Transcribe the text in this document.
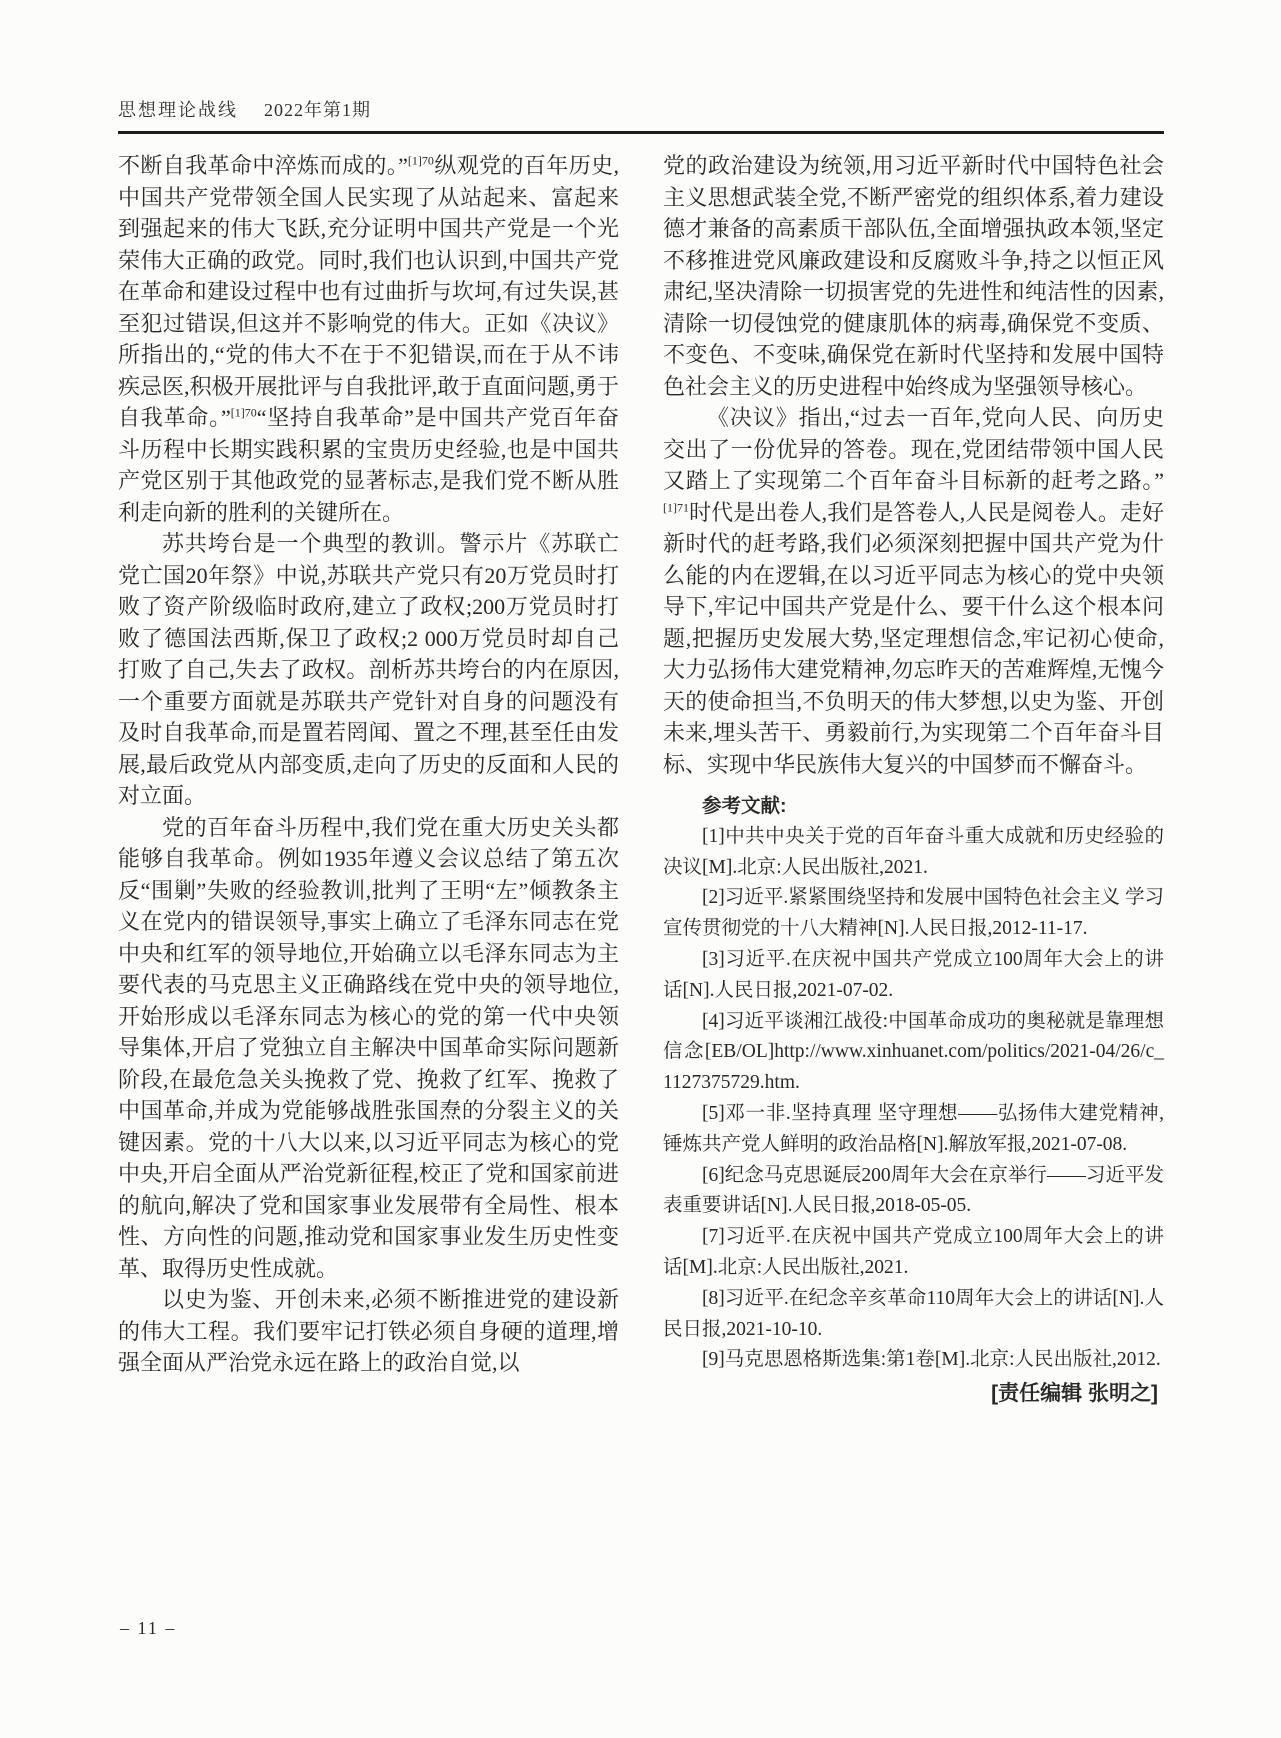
思想理论战线 2022年第1期

不断自我革命中淬炼而成的。”$^{[1]70}$纵观党的百年历史,中国共产党带领全国人民实现了从站起来、富起来到强起来的伟大飞跃,充分证明中国共产党是一个光荣伟大正确的政党。同时,我们也认识到,中国共产党在革命和建设过程中也有过曲折与坎坷,有过失误,甚至犯过错误,但这并不影响党的伟大。正如《决议》所指出的,“党的伟大不在于不犯错误,而在于从不讳疾忌医,积极开展批评与自我批评,敢于直面问题,勇于自我革命。”$^{[1]70}$“坚持自我革命”是中国共产党百年奋斗历程中长期实践积累的宝贵历史经验,也是中国共产党区别于其他政党的显著标志,是我们党不断从胜利走向新的胜利的关键所在。

苏共垮台是一个典型的教训。警示片《苏联亡党亡国20年祭》中说,苏联共产党只有20万党员时打败了资产阶级临时政府,建立了政权;200万党员时打败了德国法西斯,保卫了政权;2 000万党员时却自己打败了自己,失去了政权。剖析苏共垮台的内在原因,一个重要方面就是苏联共产党针对自身的问题没有及时自我革命,而是置若罔闻、置之不理,甚至任由发展,最后政党从内部变质,走向了历史的反面和人民的对立面。

党的百年奋斗历程中,我们党在重大历史关头都能够自我革命。例如1935年遵义会议总结了第五次反“围剿”失败的经验教训,批判了王明“左”倾教条主义在党内的错误领导,事实上确立了毛泽东同志在党中央和红军的领导地位,开始确立以毛泽东同志为主要代表的马克思主义正确路线在党中央的领导地位,开始形成以毛泽东同志为核心的党的第一代中央领导集体,开启了党独立自主解决中国革命实际问题新阶段,在最危急关头挽救了党、挽救了红军、挽救了中国革命,并成为党能够战胜张国焘的分裂主义的关键因素。党的十八大以来,以习近平同志为核心的党中央,开启全面从严治党新征程,校正了党和国家前进的航向,解决了党和国家事业发展带有全局性、根本性、方向性的问题,推动党和国家事业发生历史性变革、取得历史性成就。

以史为鉴、开创未来,必须不断推进党的建设新的伟大工程。我们要牢记打铁必须自身硬的道理,增强全面从严治党永远在路上的政治自觉,以

党的政治建设为统领,用习近平新时代中国特色社会主义思想武装全党,不断严密党的组织体系,着力建设德才兼备的高素质干部队伍,全面增强执政本领,坚定不移推进党风廉政建设和反腐败斗争,持之以恒正风肃纪,坚决清除一切损害党的先进性和纯洁性的因素,清除一切侵蚀党的健康肌体的病毒,确保党不变质、不变色、不变味,确保党在新时代坚持和发展中国特色社会主义的历史进程中始终成为坚强领导核心。

《决议》指出,“过去一百年,党向人民、向历史交出了一份优异的答卷。现在,党团结带领中国人民又踏上了实现第二个百年奋斗目标新的赶考之路。”$^{[1]71}$时代是出卷人,我们是答卷人,人民是阅卷人。走好新时代的赶考路,我们必须深刻把握中国共产党为什么能的内在逻辑,在以习近平同志为核心的党中央领导下,牢记中国共产党是什么、要干什么这个根本问题,把握历史发展大势,坚定理想信念,牢记初心使命,大力弘扬伟大建党精神,勿忘昨天的苦难辉煌,无愧今天的使命担当,不负明天的伟大梦想,以史为鉴、开创未来,埋头苦干、勇毅前行,为实现第二个百年奋斗目标、实现中华民族伟大复兴的中国梦而不懈奋斗。

参考文献:

[1]中共中央关于党的百年奋斗重大成就和历史经验的决议[M].北京:人民出版社,2021.

[2]习近平.紧紧围绕坚持和发展中国特色社会主义 学习宣传贯彻党的十八大精神[N].人民日报,2012-11-17.

[3]习近平.在庆祝中国共产党成立100周年大会上的讲话[N].人民日报,2021-07-02.

[4]习近平谈湘江战役:中国革命成功的奥秘就是靠理想信念[EB/OL]http://www.xinhuanet.com/politics/2021-04/26/c_1127375729.htm.

[5]邓一非.坚持真理 坚守理想——弘扬伟大建党精神,锤炼共产党人鲜明的政治品格[N].解放军报,2021-07-08.

[6]纪念马克思诞辰200周年大会在京举行——习近平发表重要讲话[N].人民日报,2018-05-05.

[7]习近平.在庆祝中国共产党成立100周年大会上的讲话[M].北京:人民出版社,2021.

[8]习近平.在纪念辛亥革命110周年大会上的讲话[N].人民日报,2021-10-10.

[9]马克思恩格斯选集:第1卷[M].北京:人民出版社,2012.

[责任编辑 张明之]

– 11 –
